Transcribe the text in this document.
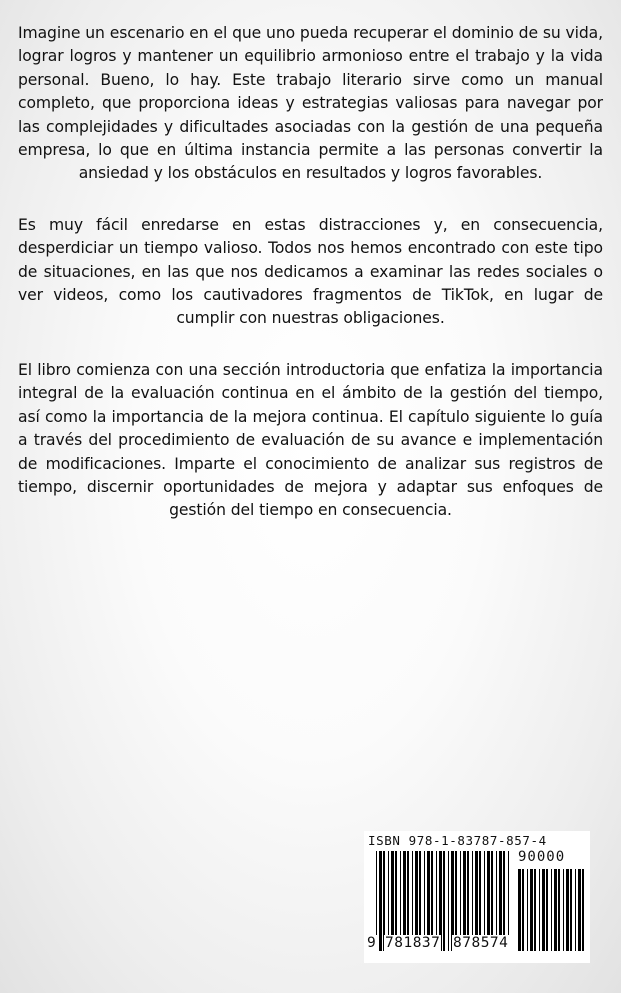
Imagine un escenario en el que uno pueda recuperar el dominio de su vida, lograr logros y mantener un equilibrio armonioso entre el trabajo y la vida personal. Bueno, lo hay. Este trabajo literario sirve como un manual completo, que proporciona ideas y estrategias valiosas para navegar por las complejidades y dificultades asociadas con la gestión de una pequeña empresa, lo que en última instancia permite a las personas convertir la ansiedad y los obstáculos en resultados y logros favorables.

Es muy fácil enredarse en estas distracciones y, en consecuencia, desperdiciar un tiempo valioso. Todos nos hemos encontrado con este tipo de situaciones, en las que nos dedicamos a examinar las redes sociales o ver videos, como los cautivadores fragmentos de TikTok, en lugar de cumplir con nuestras obligaciones.

El libro comienza con una sección introductoria que enfatiza la importancia integral de la evaluación continua en el ámbito de la gestión del tiempo, así como la importancia de la mejora continua. El capítulo siguiente lo guía a través del procedimiento de evaluación de su avance e implementación de modificaciones. Imparte el conocimiento de analizar sus registros de tiempo, discernir oportunidades de mejora y adaptar sus enfoques de gestión del tiempo en consecuencia.

ISBN 978-1-83787-857-4
90000
9 781837 878574
